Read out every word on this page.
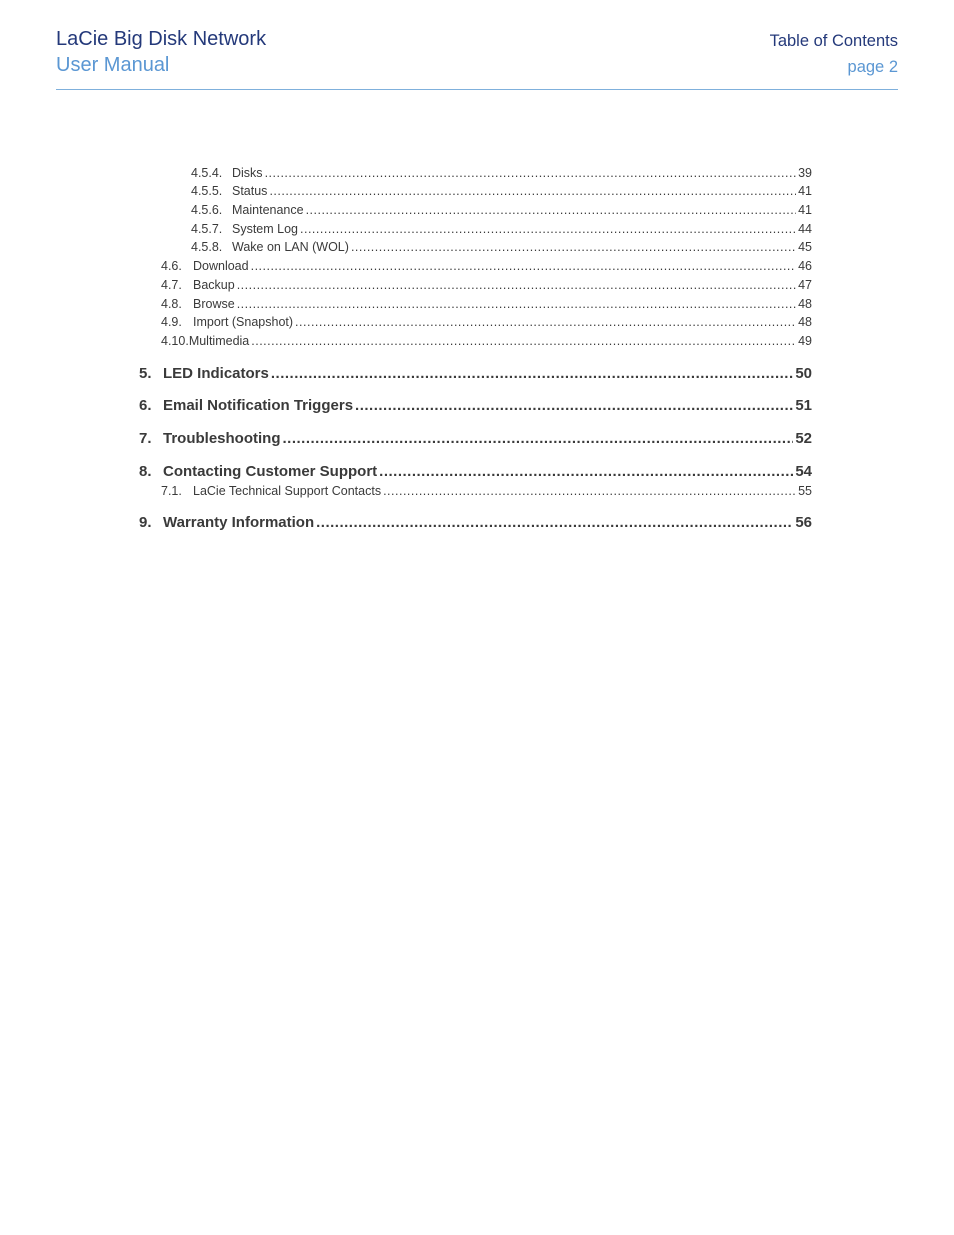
LaCie Big Disk Network
User Manual
Table of Contents
page 2
4.5.4. Disks .....	39
4.5.5. Status .....	41
4.5.6. Maintenance .....	41
4.5.7. System Log .....	44
4.5.8. Wake on LAN (WOL) .....	45
4.6. Download .....	46
4.7. Backup .....	47
4.8. Browse .....	48
4.9. Import (Snapshot) .....	48
4.10. Multimedia .....	49
5. LED Indicators .....	50
6. Email Notification Triggers .....	51
7. Troubleshooting .....	52
8. Contacting Customer Support .....	54
7.1. LaCie Technical Support Contacts .....	55
9. Warranty Information .....	56
